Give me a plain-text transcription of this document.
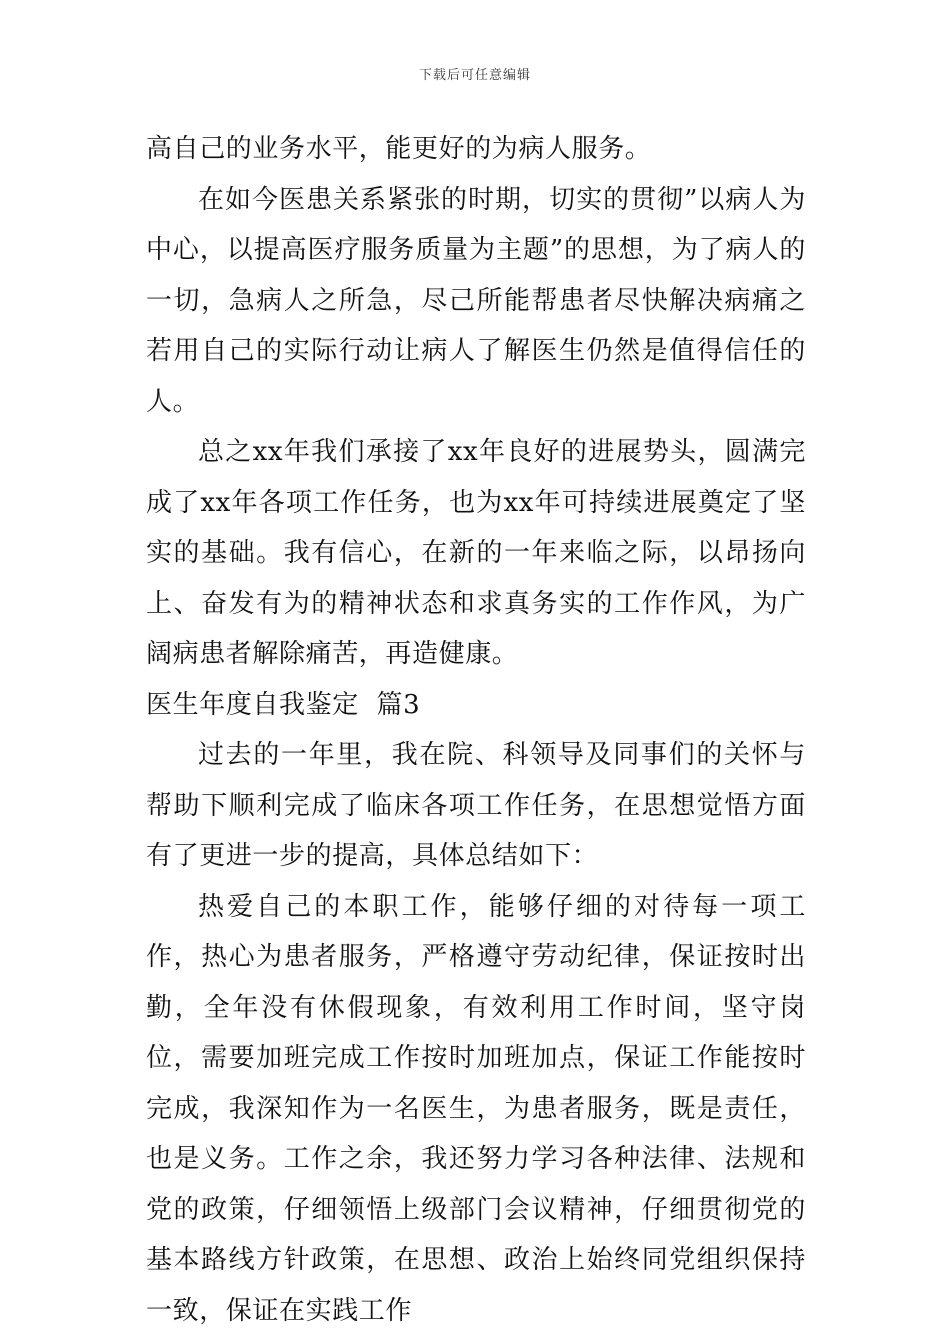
下载后可任意编辑

高自己的业务水平，能更好的为病人服务。

在如今医患关系紧张的时期，切实的贯彻”以病人为中心，以提高医疗服务质量为主题”的思想，为了病人的一切，急病人之所急，尽己所能帮患者尽快解决病痛之若用自己的实际行动让病人了解医生仍然是值得信任的人。

总之xx年我们承接了xx年良好的进展势头，圆满完成了xx年各项工作任务，也为xx年可持续进展奠定了坚实的基础。我有信心，在新的一年来临之际，以昂扬向上、奋发有为的精神状态和求真务实的工作作风，为广阔病患者解除痛苦，再造健康。

医生年度自我鉴定  篇3

过去的一年里，我在院、科领导及同事们的关怀与帮助下顺利完成了临床各项工作任务，在思想觉悟方面有了更进一步的提高，具体总结如下：

热爱自己的本职工作，能够仔细的对待每一项工作，热心为患者服务，严格遵守劳动纪律，保证按时出勤，全年没有休假现象，有效利用工作时间，坚守岗位，需要加班完成工作按时加班加点，保证工作能按时完成，我深知作为一名医生，为患者服务，既是责任，也是义务。工作之余，我还努力学习各种法律、法规和党的政策，仔细领悟上级部门会议精神，仔细贯彻党的基本路线方针政策，在思想、政治上始终同党组织保持一致，保证在实践工作
